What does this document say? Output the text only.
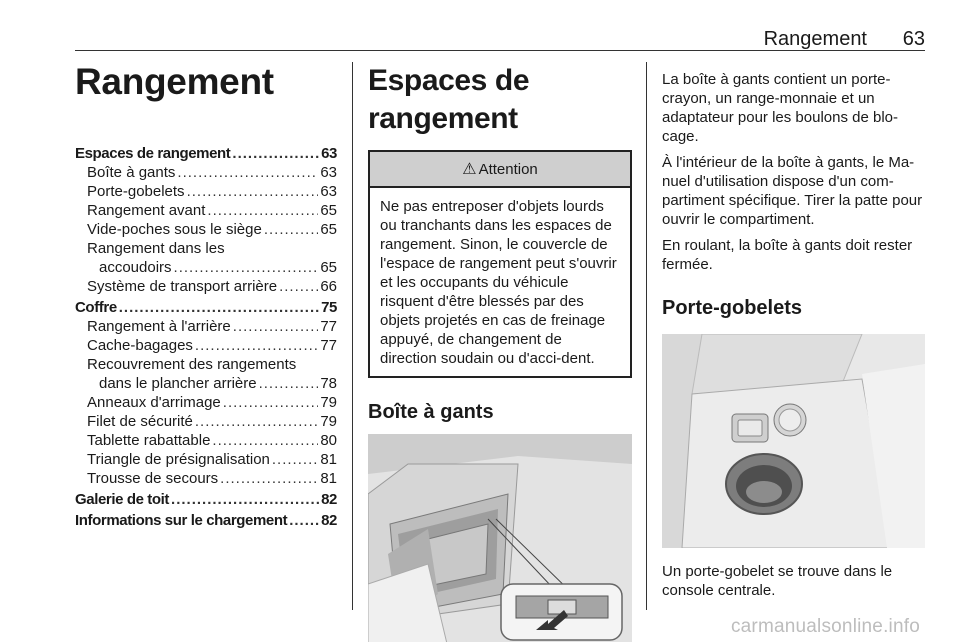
Rangement 63
Rangement
Espaces de rangement .....	63
Boîte à gants .....	63
Porte-gobelets .....	63
Rangement avant .....	65
Vide-poches sous le siège .....	65
Rangement dans les
accoudoirs .....	65
Système de transport arrière .....	66
Coffre .....	75
Rangement à l'arrière .....	77
Cache-bagages .....	77
Recouvrement des rangements
dans le plancher arrière .....	78
Anneaux d'arrimage .....	79
Filet de sécurité .....	79
Tablette rabattable .....	80
Triangle de présignalisation .....	81
Trousse de secours .....	81
Galerie de toit .....	82
Informations sur le chargement ..... 82
Espaces de rangement
⚠ Attention
Ne pas entreposer d'objets lourds ou tranchants dans les espaces de rangement. Sinon, le couvercle de l'espace de rangement peut s'ouvrir et les occupants du véhicule risquent d'être blessés par des objets projetés en cas de freinage appuyé, de changement de direction soudain ou d'acci-dent.
Boîte à gants

La boîte à gants contient un porte-crayon, un range-monnaie et un adaptateur pour les boulons de blo-cage.

À l'intérieur de la boîte à gants, le Ma-nuel d'utilisation dispose d'un com-partiment spécifique. Tirer la patte pour ouvrir le compartiment.

En roulant, la boîte à gants doit rester fermée.

Porte-gobelets

Un porte-gobelet se trouve dans le console centrale.

carmanualsonline.info
